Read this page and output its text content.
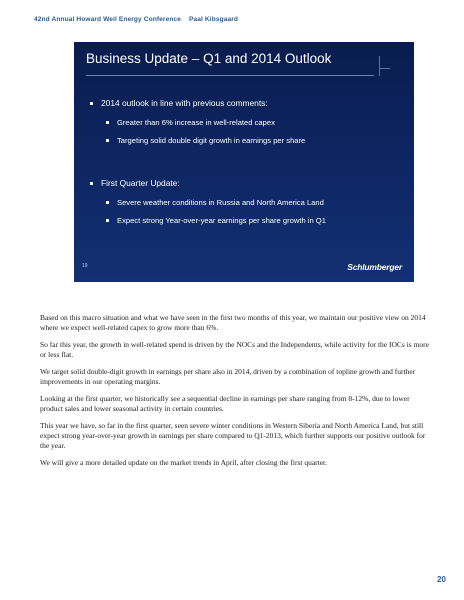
42nd Annual Howard Weil Energy Conference Paal Kibsgaard
Business Update – Q1 and 2014 Outlook
2014 outlook in line with previous comments:
Greater than 6% increase in well-related capex
Targeting solid double digit growth in earnings per share
First Quarter Update:
Severe weather conditions in Russia and North America Land
Expect strong Year-over-year earnings per share growth in Q1
19	Schlumberger

Based on this macro situation and what we have seen in the first two months of this year, we maintain our positive view on 2014 where we expect well-related capex to grow more than 6%.

So far this year, the growth in well-related spend is driven by the NOCs and the Independents, while activity for the IOCs is more or less flat.

We target solid double-digit growth in earnings per share also in 2014, driven by a combination of topline growth and further improvements in our operating margins.

Looking at the first quarter, we historically see a sequential decline in earnings per share ranging from 8-12%, due to lower product sales and lower seasonal activity in certain countries.

This year we have, so far in the first quarter, seen severe winter conditions in Western Siberia and North America Land, but still expect strong year-over-year growth in earnings per share compared to Q1-2013, which further supports our positive outlook for the year.

We will give a more detailed update on the market trends in April, after closing the first quarter.

20
